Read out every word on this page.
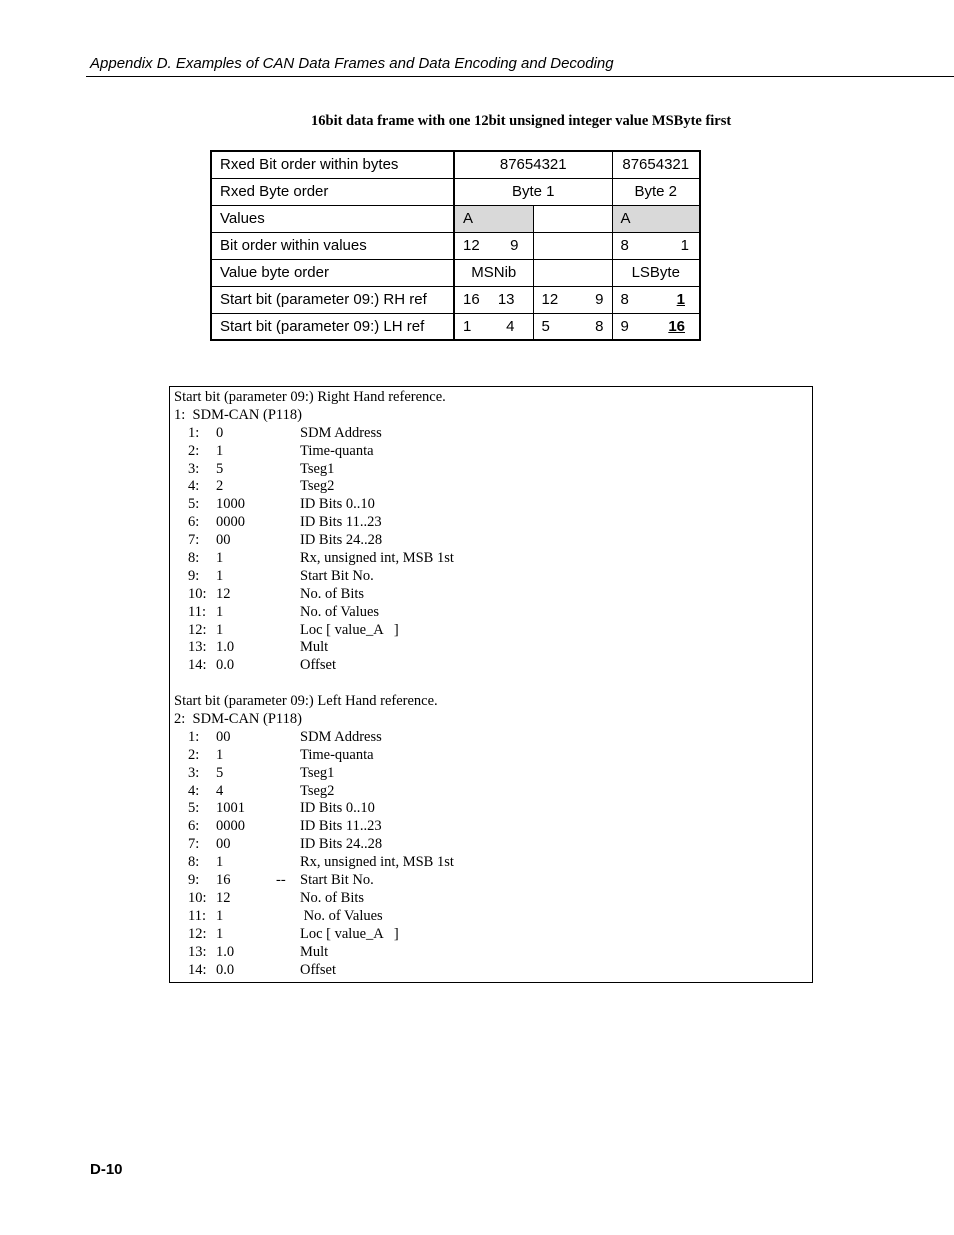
Appendix D. Examples of CAN Data Frames and Data Encoding and Decoding
16bit data frame with one 12bit unsigned integer value MSByte first
Rxed Bit order within bytes	87654321		87654321
Rxed Byte order	Byte 1		Byte 2
Values	A		A
Bit order within values	12 9		8 1

Value byte order	MSNib		LSByte
Start bit (parameter 09:) RH ref	16 13	12 9	8 1

Start bit (parameter 09:) LH ref	1 4	5 8	9 16
Start bit (parameter 09:) Right Hand reference.
1:  SDM-CAN (P118)
1: 0	SDM Address
2: 1	Time-quanta
3: 5	Tseg1
4: 2	Tseg2
5: 1000	ID Bits 0..10
6: 0000	ID Bits 11..23
7: 00	ID Bits 24..28
8: 1	Rx, unsigned int, MSB 1st
9: 1	Start Bit No.
10: 12	No. of Bits
11: 1	No. of Values
12: 1	Loc [ value_A   ]
13: 1.0	Mult
14: 0.0	Offset
Start bit (parameter 09:) Left Hand reference.
2:  SDM-CAN (P118)
1: 00	SDM Address
2: 1	Time-quanta
3: 5	Tseg1
4: 4	Tseg2
5: 1001	ID Bits 0..10
6: 0000	ID Bits 11..23
7: 00	ID Bits 24..28
8: 1	Rx, unsigned int, MSB 1st
9: 16	-- Start Bit No.
10: 12	No. of Bits
11: 1	No. of Values
12: 1	Loc [ value_A   ]
13: 1.0	Mult
14: 0.0	Offset
D-10
